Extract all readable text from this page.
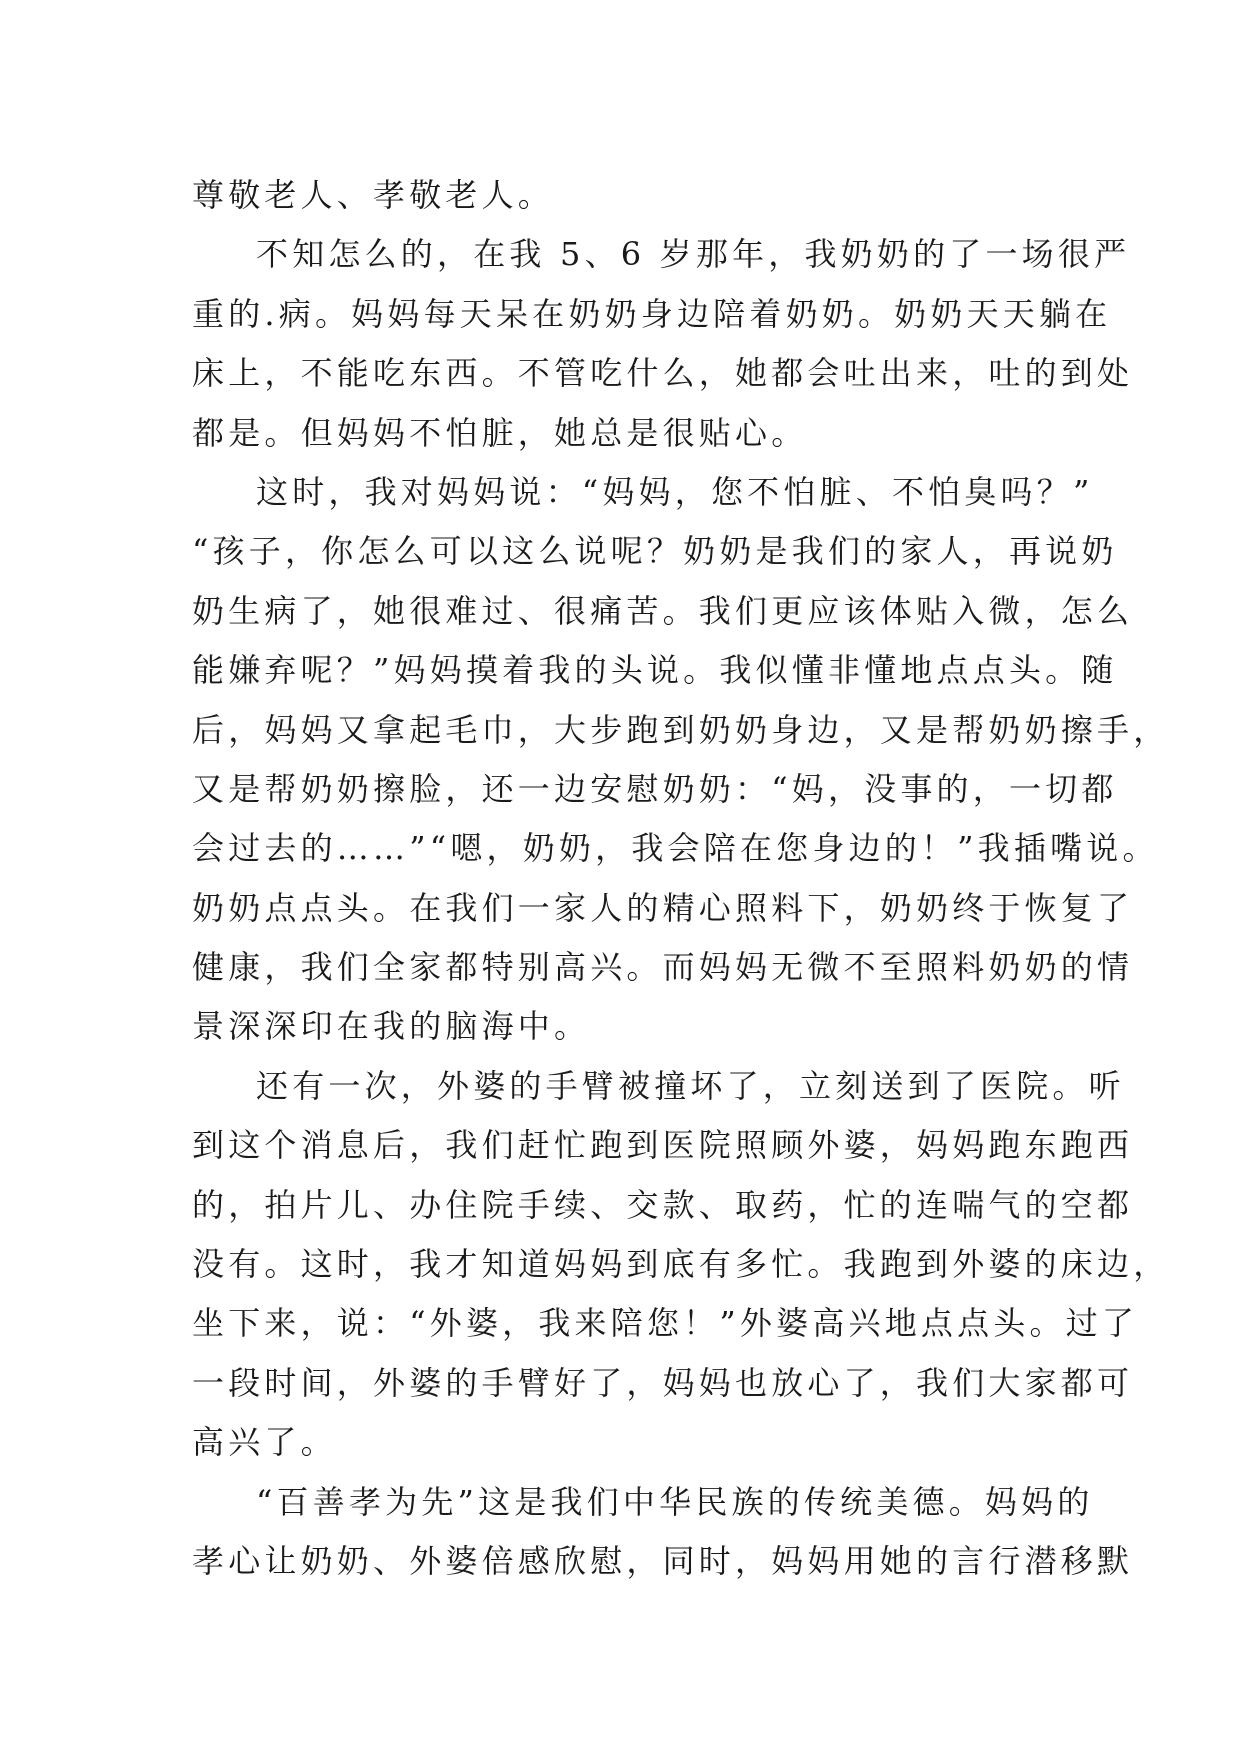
尊敬老人、孝敬老人。
不知怎么的，在我 5、6 岁那年，我奶奶的了一场很严
重的.病。妈妈每天呆在奶奶身边陪着奶奶。奶奶天天躺在
床上，不能吃东西。不管吃什么，她都会吐出来，吐的到处
都是。但妈妈不怕脏，她总是很贴心。
这时，我对妈妈说：“妈妈，您不怕脏、不怕臭吗？”
“孩子，你怎么可以这么说呢？奶奶是我们的家人，再说奶
奶生病了，她很难过、很痛苦。我们更应该体贴入微，怎么
能嫌弃呢？”妈妈摸着我的头说。我似懂非懂地点点头。随
后，妈妈又拿起毛巾，大步跑到奶奶身边，又是帮奶奶擦手，
又是帮奶奶擦脸，还一边安慰奶奶：“妈，没事的，一切都
会过去的……”“嗯，奶奶，我会陪在您身边的！”我插嘴说。
奶奶点点头。在我们一家人的精心照料下，奶奶终于恢复了
健康，我们全家都特别高兴。而妈妈无微不至照料奶奶的情
景深深印在我的脑海中。
还有一次，外婆的手臂被撞坏了，立刻送到了医院。听
到这个消息后，我们赶忙跑到医院照顾外婆，妈妈跑东跑西
的，拍片儿、办住院手续、交款、取药，忙的连喘气的空都
没有。这时，我才知道妈妈到底有多忙。我跑到外婆的床边，
坐下来，说：“外婆，我来陪您！”外婆高兴地点点头。过了
一段时间，外婆的手臂好了，妈妈也放心了，我们大家都可
高兴了。
“百善孝为先”这是我们中华民族的传统美德。妈妈的
孝心让奶奶、外婆倍感欣慰，同时，妈妈用她的言行潜移默
